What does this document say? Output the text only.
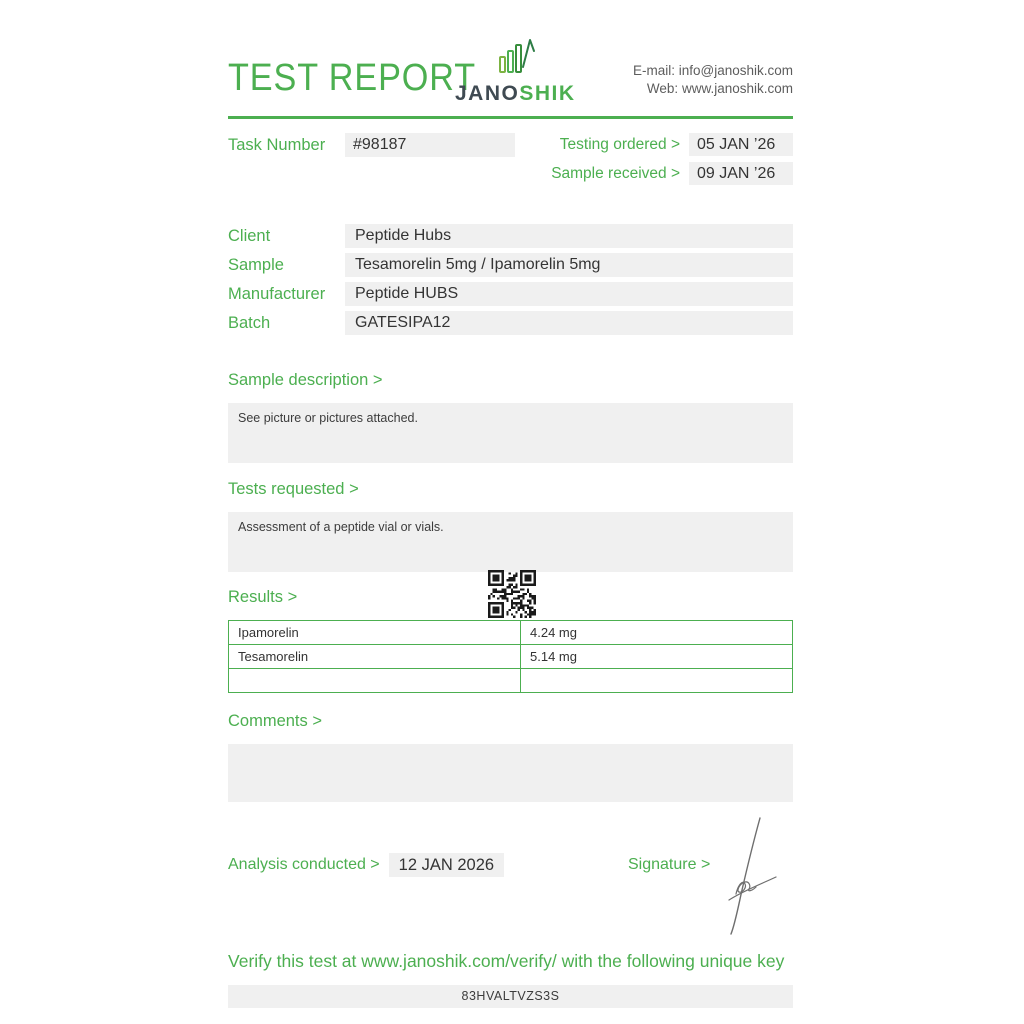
TEST REPORT
JANOSHIK
E-mail: info@janoshik.com
Web: www.janoshik.com
Task Number	#98187	Testing ordered >	05 JAN ’26
Sample received >	09 JAN ’26
Client	Peptide Hubs
Sample	Tesamorelin 5mg / Ipamorelin 5mg
Manufacturer	Peptide HUBS
Batch	GATESIPA12
Sample description >
See picture or pictures attached.
Tests requested >
Assessment of a peptide vial or vials.
Results >
Ipamorelin	4.24 mg
Tesamorelin	5.14 mg

Comments >
Analysis conducted >	12 JAN 2026	Signature >
Verify this test at www.janoshik.com/verify/ with the following unique key
83HVALTVZS3S
